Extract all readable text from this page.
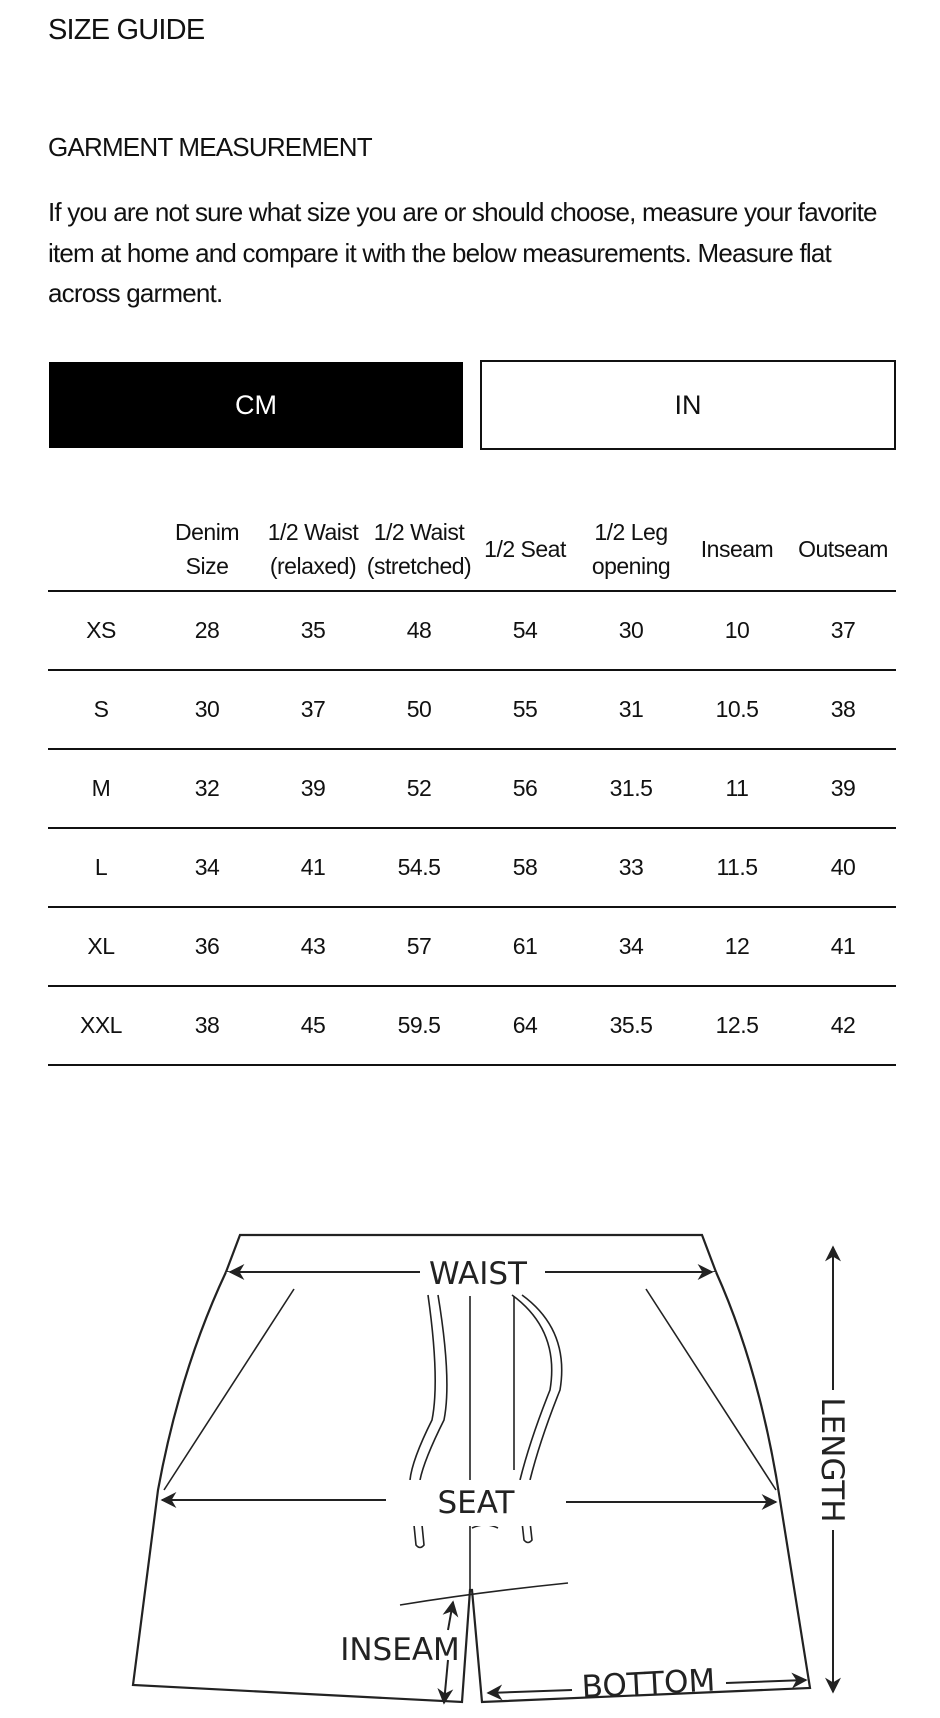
SIZE GUIDE
GARMENT MEASUREMENT

If you are not sure what size you are or should choose, measure your favorite item at home and compare it with the below measurements. Measure flat across garment.

CM	IN
	Denim Size	1/2 Waist (relaxed)	1/2 Waist (stretched)	1/2 Seat	1/2 Leg opening	Inseam	Outseam
XS	28	35	48	54	30	10	37
S	30	37	50	55	31	10.5	38
M	32	39	52	56	31.5	11	39
L	34	41	54.5	58	33	11.5	40
XL	36	43	57	61	34	12	41
XXL	38	45	59.5	64	35.5	12.5	42
WAIST
SEAT
INSEAM
BOTTOM
LENGTH
